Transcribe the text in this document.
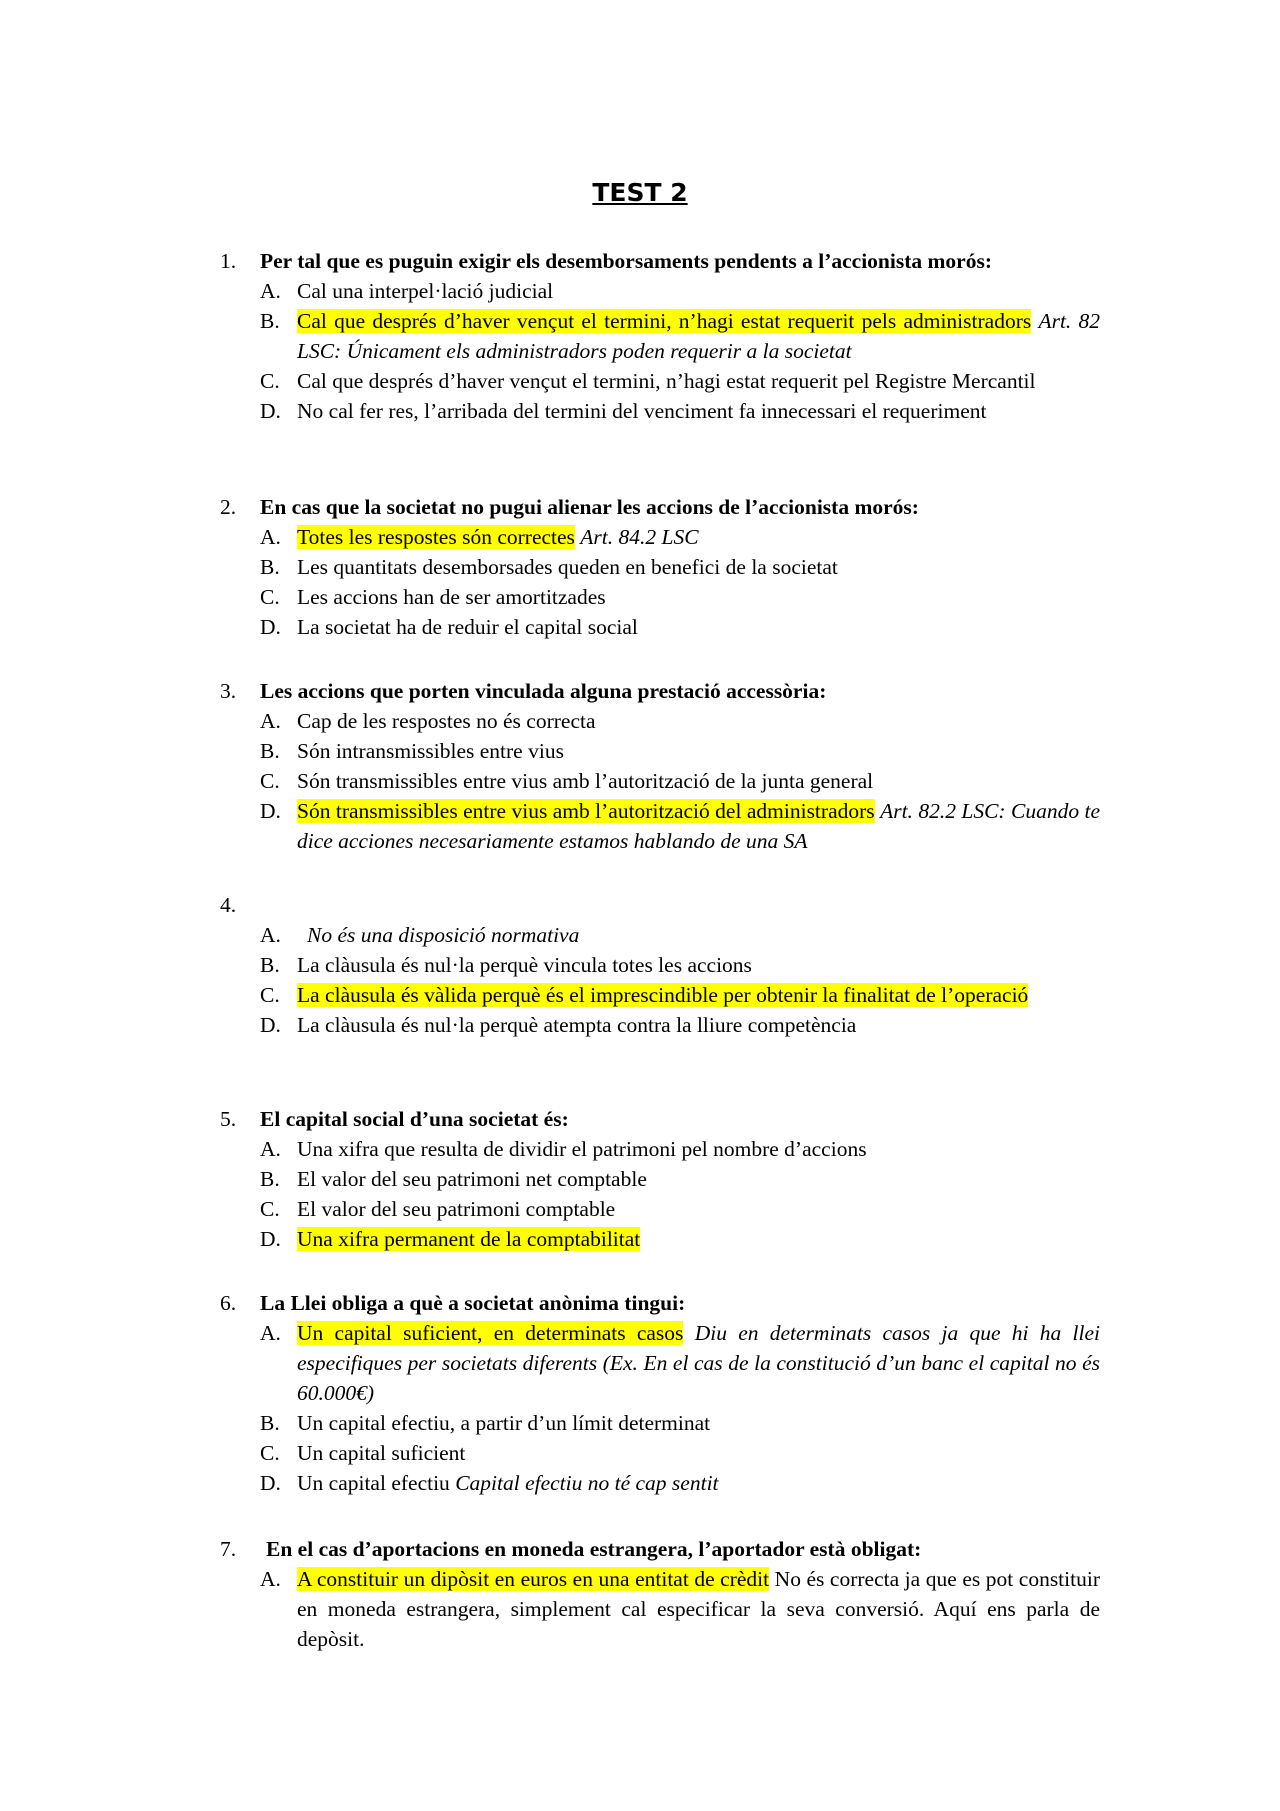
TEST 2
1. Per tal que es puguin exigir els desemborsaments pendents a l’accionista morós:
A. Cal una interpel·lació judicial
B. Cal que després d’haver vençut el termini, n’hagi estat requerit pels administradors Art. 82 LSC: Únicament els administradors poden requerir a la societat
C. Cal que després d’haver vençut el termini, n’hagi estat requerit pel Registre Mercantil
D. No cal fer res, l’arribada del termini del venciment fa innecessari el requeriment
2. En cas que la societat no pugui alienar les accions de l’accionista morós:
A. Totes les respostes són correctes Art. 84.2 LSC
B. Les quantitats desemborsades queden en benefici de la societat
C. Les accions han de ser amortitzades
D. La societat ha de reduir el capital social
3. Les accions que porten vinculada alguna prestació accessòria:
A. Cap de les respostes no és correcta
B. Són intransmissibles entre vius
C. Són transmissibles entre vius amb l’autorització de la junta general
D. Són transmissibles entre vius amb l’autorització del administradors Art. 82.2 LSC: Cuando te dice acciones necesariamente estamos hablando de una SA
4.
A. No és una disposició normativa
B. La clàusula és nul·la perquè vincula totes les accions
C. La clàusula és vàlida perquè és el imprescindible per obtenir la finalitat de l’operació
D. La clàusula és nul·la perquè atempta contra la lliure competència
5. El capital social d’una societat és:
A. Una xifra que resulta de dividir el patrimoni pel nombre d’accions
B. El valor del seu patrimoni net comptable
C. El valor del seu patrimoni comptable
D. Una xifra permanent de la comptabilitat
6. La Llei obliga a què a societat anònima tingui:
A. Un capital suficient, en determinats casos Diu en determinats casos ja que hi ha llei especifiques per societats diferents (Ex. En el cas de la constitució d’un banc el capital no és 60.000€)
B. Un capital efectiu, a partir d’un límit determinat
C. Un capital suficient
D. Un capital efectiu Capital efectiu no té cap sentit
7. En el cas d’aportacions en moneda estrangera, l’aportador està obligat:
A. A constituir un dipòsit en euros en una entitat de crèdit No és correcta ja que es pot constituir en moneda estrangera, simplement cal especificar la seva conversió. Aquí ens parla de depòsit.
